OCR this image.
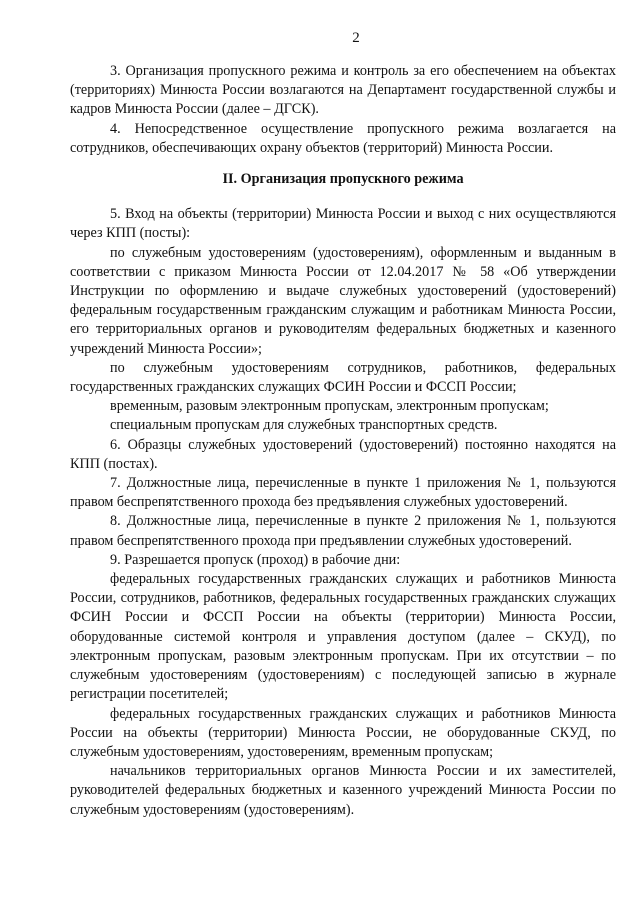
2

3. Организация пропускного режима и контроль за его обеспечением на объектах (территориях) Минюста России возлагаются на Департамент государственной службы и кадров Минюста России (далее – ДГСК).

4. Непосредственное осуществление пропускного режима возлагается на сотрудников, обеспечивающих охрану объектов (территорий) Минюста России.

II. Организация пропускного режима

5. Вход на объекты (территории) Минюста России и выход с них осуществляются через КПП (посты):

по служебным удостоверениям (удостоверениям), оформленным и выданным в соответствии с приказом Минюста России от 12.04.2017 № 58 «Об утверждении Инструкции по оформлению и выдаче служебных удостоверений (удостоверений) федеральным государственным гражданским служащим и работникам Минюста России, его территориальных органов и руководителям федеральных бюджетных и казенного учреждений Минюста России»;

по служебным удостоверениям сотрудников, работников, федеральных государственных гражданских служащих ФСИН России и ФССП России;

временным, разовым электронным пропускам, электронным пропускам;

специальным пропускам для служебных транспортных средств.

6. Образцы служебных удостоверений (удостоверений) постоянно находятся на КПП (постах).

7. Должностные лица, перечисленные в пункте 1 приложения № 1, пользуются правом беспрепятственного прохода без предъявления служебных удостоверений.

8. Должностные лица, перечисленные в пункте 2 приложения № 1, пользуются правом беспрепятственного прохода при предъявлении служебных удостоверений.

9. Разрешается пропуск (проход) в рабочие дни:

федеральных государственных гражданских служащих и работников Минюста России, сотрудников, работников, федеральных государственных гражданских служащих ФСИН России и ФССП России на объекты (территории) Минюста России, оборудованные системой контроля и управления доступом (далее – СКУД), по электронным пропускам, разовым электронным пропускам. При их отсутствии – по служебным удостоверениям (удостоверениям) с последующей записью в журнале регистрации посетителей;

федеральных государственных гражданских служащих и работников Минюста России на объекты (территории) Минюста России, не оборудованные СКУД, по служебным удостоверениям, удостоверениям, временным пропускам;

начальников территориальных органов Минюста России и их заместителей, руководителей федеральных бюджетных и казенного учреждений Минюста России по служебным удостоверениям (удостоверениям).
